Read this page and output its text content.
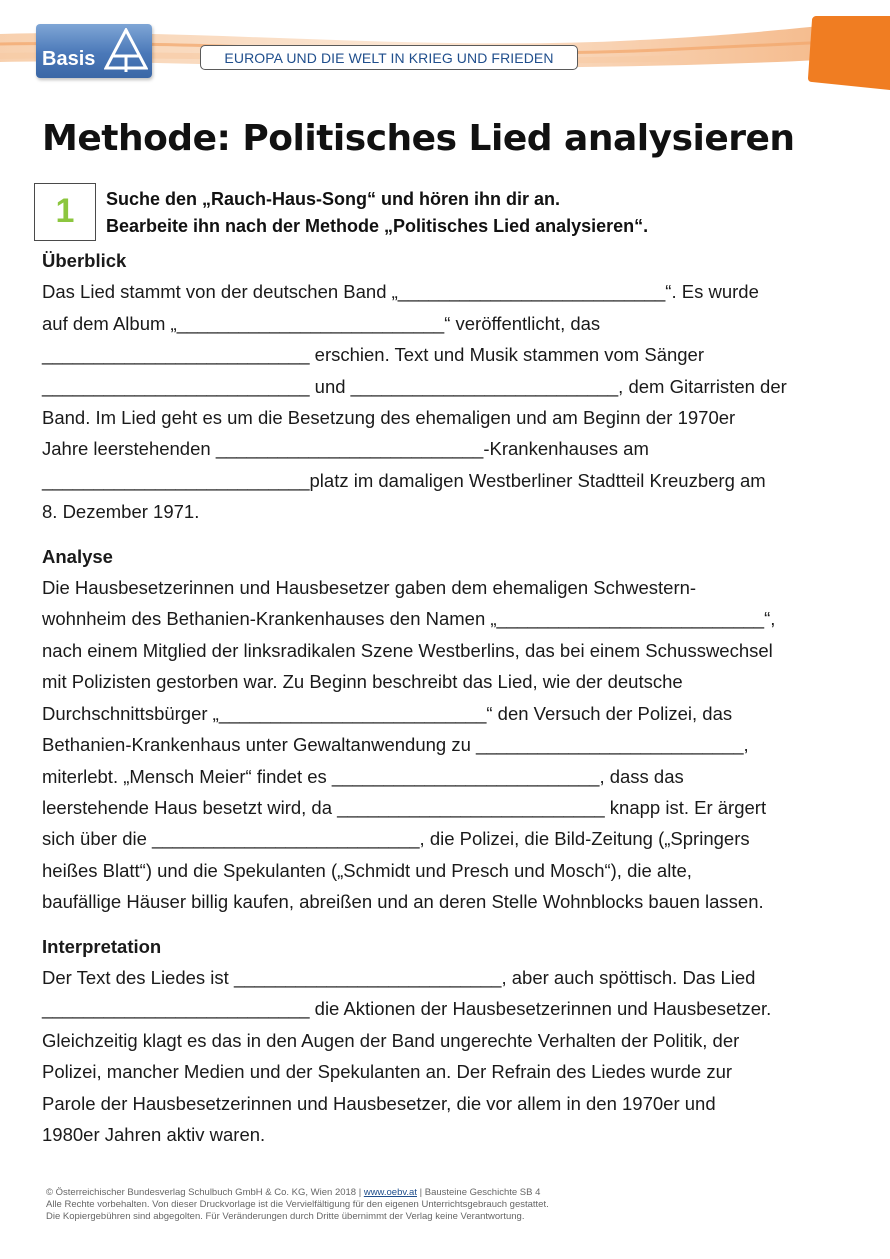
Basis	EUROPA UND DIE WELT IN KRIEG UND FRIEDEN
Methode: Politisches Lied analysieren
1	Suche den „Rauch-Haus-Song“ und hören ihn dir an.
Bearbeite ihn nach der Methode „Politisches Lied analysieren“.

Überblick

Das Lied stammt von der deutschen Band „__________________________“. Es wurde

auf dem Album „__________________________“ veröffentlicht, das

__________________________ erschien. Text und Musik stammen vom Sänger

__________________________ und __________________________, dem Gitarristen der

Band. Im Lied geht es um die Besetzung des ehemaligen und am Beginn der 1970er

Jahre leerstehenden __________________________-Krankenhauses am

__________________________platz im damaligen Westberliner Stadtteil Kreuzberg am

8. Dezember 1971.

Analyse

Die Hausbesetzerinnen und Hausbesetzer gaben dem ehemaligen Schwestern-

wohnheim des Bethanien-Krankenhauses den Namen „__________________________“,

nach einem Mitglied der linksradikalen Szene Westberlins, das bei einem Schusswechsel

mit Polizisten gestorben war. Zu Beginn beschreibt das Lied, wie der deutsche

Durchschnittsbürger „__________________________“ den Versuch der Polizei, das

Bethanien-Krankenhaus unter Gewaltanwendung zu __________________________,

miterlebt. „Mensch Meier“ findet es __________________________, dass das

leerstehende Haus besetzt wird, da __________________________ knapp ist. Er ärgert

sich über die __________________________, die Polizei, die Bild-Zeitung („Springers

heißes Blatt“) und die Spekulanten („Schmidt und Presch und Mosch“), die alte,

baufällige Häuser billig kaufen, abreißen und an deren Stelle Wohnblocks bauen lassen.

Interpretation

Der Text des Liedes ist __________________________, aber auch spöttisch. Das Lied

__________________________ die Aktionen der Hausbesetzerinnen und Hausbesetzer.

Gleichzeitig klagt es das in den Augen der Band ungerechte Verhalten der Politik, der

Polizei, mancher Medien und der Spekulanten an. Der Refrain des Liedes wurde zur

Parole der Hausbesetzerinnen und Hausbesetzer, die vor allem in den 1970er und

1980er Jahren aktiv waren.

© Österreichischer Bundesverlag Schulbuch GmbH & Co. KG, Wien 2018 | www.oebv.at | Bausteine Geschichte SB 4
Alle Rechte vorbehalten. Von dieser Druckvorlage ist die Vervielfältigung für den eigenen Unterrichtsgebrauch gestattet.
Die Kopiergebühren sind abgegolten. Für Veränderungen durch Dritte übernimmt der Verlag keine Verantwortung.
